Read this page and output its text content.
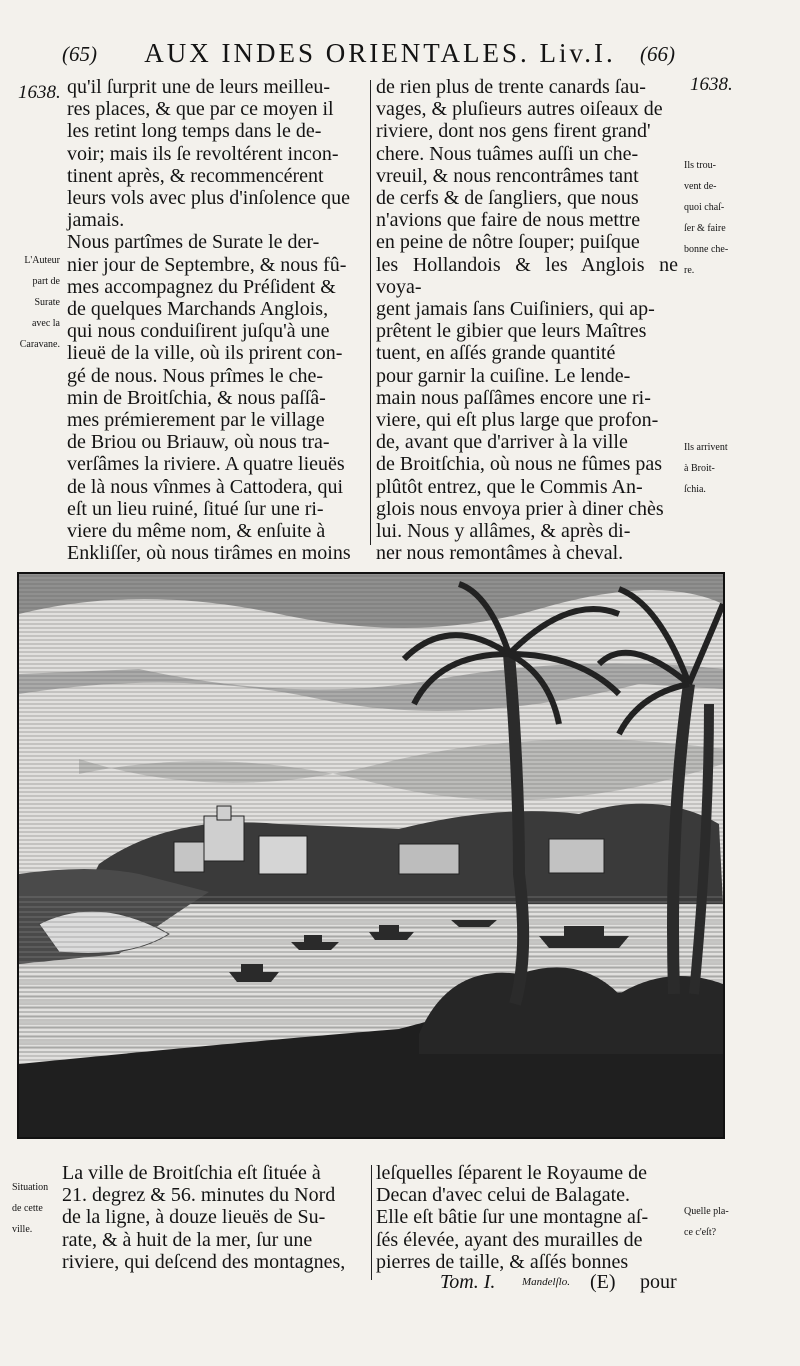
(65)	AUX INDES ORIENTALES. Liv.I.	(66)
1638.	1638.

qu'il ſurprit une de leurs meilleu-

res places, & que par ce moyen il

les retint long temps dans le de-

voir; mais ils ſe revoltérent incon-

tinent après, & recommencérent

leurs vols avec plus d'inſolence que

jamais.

Nous partîmes de Surate le der-

nier jour de Septembre, & nous fû-

mes accompagnez du Préſident &

de quelques Marchands Anglois,

qui nous conduiſirent juſqu'à une

lieuë de la ville, où ils prirent con-

gé de nous. Nous prîmes le che-

min de Broitſchia, & nous paſſâ-

mes prémierement par le village

de Briou ou Briauw, où nous tra-

verſâmes la riviere. A quatre lieuës

de là nous vînmes à Cattodera, qui

eſt un lieu ruiné, ſitué ſur une ri-

viere du même nom, & enſuite à

Enkliſſer, où nous tirâmes en moins

de rien plus de trente canards ſau-

vages, & pluſieurs autres oiſeaux de

riviere, dont nos gens firent grand'

chere. Nous tuâmes auſſi un che-

vreuil, & nous rencontrâmes tant

de cerfs & de ſangliers, que nous

n'avions que faire de nous mettre

en peine de nôtre ſouper; puiſque

les Hollandois & les Anglois ne voya-

gent jamais ſans Cuiſiniers, qui ap-

prêtent le gibier que leurs Maîtres

tuent, en aſſés grande quantité

pour garnir la cuiſine. Le lende-

main nous paſſâmes encore une ri-

viere, qui eſt plus large que profon-

de, avant que d'arriver à la ville

de Broitſchia, où nous ne fûmes pas

plûtôt entrez, que le Commis An-

glois nous envoya prier à diner chès

lui. Nous y allâmes, & après di-

ner nous remontâmes à cheval.

L'Auteur

part de

Surate

avec la

Caravane.

Ils trou-

vent de-

quoi chaſ-

ſer & faire

bonne che-

re.

Ils arrivent

à Broit-

ſchia.

Situation

de cette

ville.

Quelle pla-

ce c'eſt?

La ville de Broitſchia eſt ſituée à

21. degrez & 56. minutes du Nord

de la ligne, à douze lieuës de Su-

rate, & à huit de la mer, ſur une

riviere, qui deſcend des montagnes,

leſquelles ſéparent le Royaume de

Decan d'avec celui de Balagate.

Elle eſt bâtie ſur une montagne aſ-

ſés élevée, ayant des murailles de

pierres de taille, & aſſés bonnes

Tom. I. Mandelſlo. (E) pour
